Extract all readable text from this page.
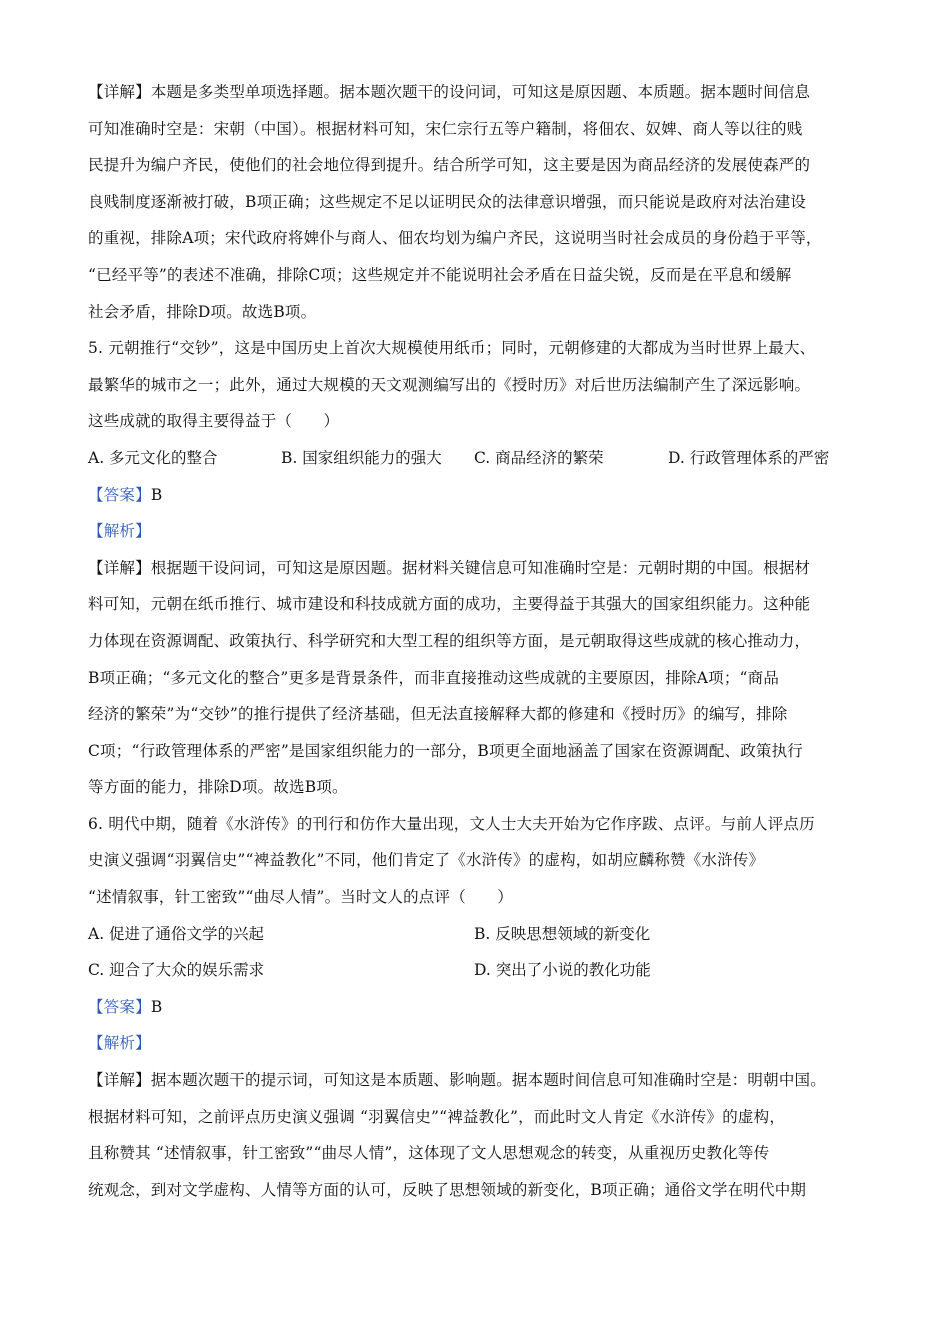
【详解】本题是多类型单项选择题。据本题次题干的设问词，可知这是原因题、本质题。据本题时间信息
可知准确时空是：宋朝（中国）。根据材料可知，宋仁宗行五等户籍制，将佃农、奴婢、商人等以往的贱
民提升为编户齐民，使他们的社会地位得到提升。结合所学可知，这主要是因为商品经济的发展使森严的
良贱制度逐渐被打破，B项正确；这些规定不足以证明民众的法律意识增强，而只能说是政府对法治建设
的重视，排除A项；宋代政府将婢仆与商人、佃农均划为编户齐民，这说明当时社会成员的身份趋于平等，
“已经平等”的表述不准确，排除C项；这些规定并不能说明社会矛盾在日益尖锐，反而是在平息和缓解
社会矛盾，排除D项。故选B项。
5. 元朝推行“交钞”，这是中国历史上首次大规模使用纸币；同时，元朝修建的大都成为当时世界上最大、
最繁华的城市之一；此外，通过大规模的天文观测编写出的《授时历》对后世历法编制产生了深远影响。
这些成就的取得主要得益于（　　）
A. 多元文化的整合	B. 国家组织能力的强大 C. 商品经济的繁荣	D. 行政管理体系的严密
【答案】B
【解析】
【详解】根据题干设问词，可知这是原因题。据材料关键信息可知准确时空是：元朝时期的中国。根据材
料可知，元朝在纸币推行、城市建设和科技成就方面的成功，主要得益于其强大的国家组织能力。这种能
力体现在资源调配、政策执行、科学研究和大型工程的组织等方面，是元朝取得这些成就的核心推动力，
B项正确；“多元文化的整合”更多是背景条件，而非直接推动这些成就的主要原因，排除A项；“商品
经济的繁荣”为“交钞”的推行提供了经济基础，但无法直接解释大都的修建和《授时历》的编写，排除
C项；“行政管理体系的严密”是国家组织能力的一部分，B项更全面地涵盖了国家在资源调配、政策执行
等方面的能力，排除D项。故选B项。
6. 明代中期，随着《水浒传》的刊行和仿作大量出现，文人士大夫开始为它作序跋、点评。与前人评点历
史演义强调“羽翼信史”“裨益教化”不同，他们肯定了《水浒传》的虚构，如胡应麟称赞《水浒传》
“述情叙事，针工密致”“曲尽人情”。当时文人的点评（　　）
A. 促进了通俗文学的兴起	B. 反映思想领域的新变化
C. 迎合了大众的娱乐需求	D. 突出了小说的教化功能
【答案】B
【解析】
【详解】据本题次题干的提示词，可知这是本质题、影响题。据本题时间信息可知准确时空是：明朝中国。
根据材料可知，之前评点历史演义强调 “羽翼信史”“裨益教化”，而此时文人肯定《水浒传》的虚构，
且称赞其 “述情叙事，针工密致”“曲尽人情”，这体现了文人思想观念的转变，从重视历史教化等传
统观念，到对文学虚构、人情等方面的认可，反映了思想领域的新变化，B项正确；通俗文学在明代中期
